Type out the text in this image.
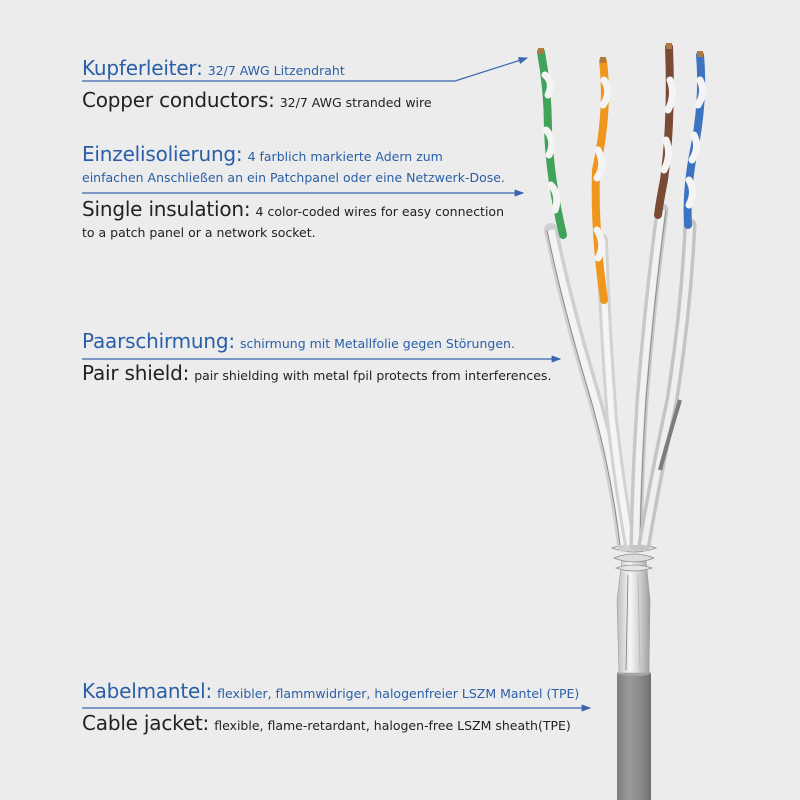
Kupferleiter: 32/7 AWG Litzendraht
Copper conductors: 32/7 AWG stranded wire
Einzelisolierung: 4 farblich markierte Adern zum
einfachen Anschließen an ein Patchpanel oder eine Netzwerk-Dose.
Single insulation: 4 color-coded wires for easy connection
to a patch panel or a network socket.
Paarschirmung: schirmung mit Metallfolie gegen Störungen.
Pair shield: pair shielding with metal fpil protects from interferences.
Kabelmantel: flexibler, flammwidriger, halogenfreier LSZM Mantel (TPE)
Cable jacket: flexible, flame-retardant, halogen-free LSZM sheath(TPE)
